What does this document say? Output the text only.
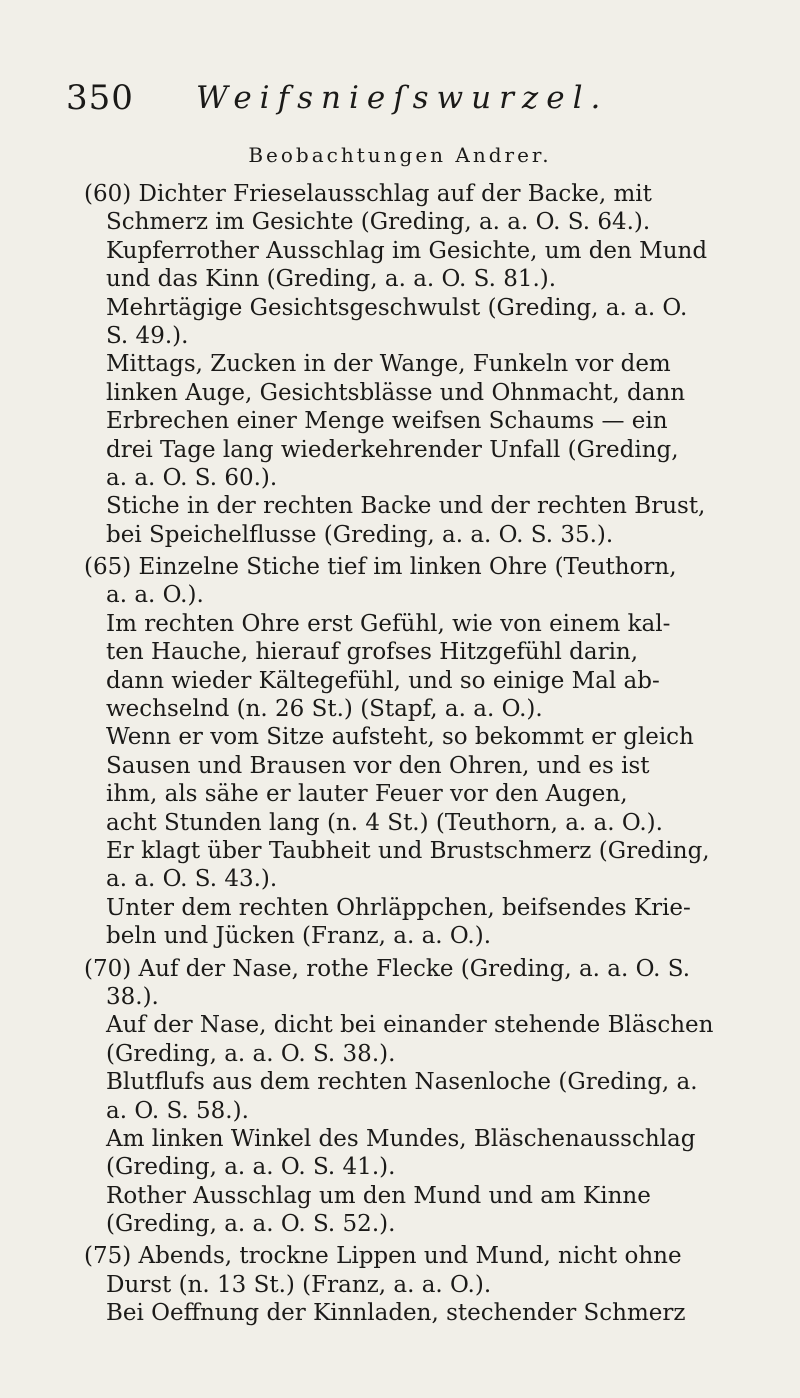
350 Weifsnieſswurzel.
Beobachtungen Andrer.
(60) Dichter Frieselausschlag auf der Backe, mit
Schmerz im Gesichte (Greding, a. a. O. S. 64.).
Kupferrother Ausschlag im Gesichte, um den Mund
und das Kinn (Greding, a. a. O. S. 81.).
Mehrtägige Gesichtsgeschwulst (Greding, a. a. O.
S. 49.).
Mittags, Zucken in der Wange, Funkeln vor dem
linken Auge, Gesichtsblässe und Ohnmacht, dann
Erbrechen einer Menge weifsen Schaums — ein
drei Tage lang wiederkehrender Unfall (Greding,
a. a. O. S. 60.).
Stiche in der rechten Backe und der rechten Brust,
bei Speichelflusse (Greding, a. a. O. S. 35.).
(65) Einzelne Stiche tief im linken Ohre (Teuthorn,
a. a. O.).
Im rechten Ohre erst Gefühl, wie von einem kal-
ten Hauche, hierauf grofses Hitzgefühl darin,
dann wieder Kältegefühl, und so einige Mal ab-
wechselnd (n. 26 St.) (Stapf, a. a. O.).
Wenn er vom Sitze aufsteht, so bekommt er gleich
Sausen und Brausen vor den Ohren, und es ist
ihm, als sähe er lauter Feuer vor den Augen,
acht Stunden lang (n. 4 St.) (Teuthorn, a. a. O.).
Er klagt über Taubheit und Brustschmerz (Greding,
a. a. O. S. 43.).
Unter dem rechten Ohrläppchen, beifsendes Krie-
beln und Jücken (Franz, a. a. O.).
(70) Auf der Nase, rothe Flecke (Greding, a. a. O. S.
38.).
Auf der Nase, dicht bei einander stehende Bläschen
(Greding, a. a. O. S. 38.).
Blutflufs aus dem rechten Nasenloche (Greding, a.
a. O. S. 58.).
Am linken Winkel des Mundes, Bläschenausschlag
(Greding, a. a. O. S. 41.).
Rother Ausschlag um den Mund und am Kinne
(Greding, a. a. O. S. 52.).
(75) Abends, trockne Lippen und Mund, nicht ohne
Durst (n. 13 St.) (Franz, a. a. O.).
Bei Oeffnung der Kinnladen, stechender Schmerz
